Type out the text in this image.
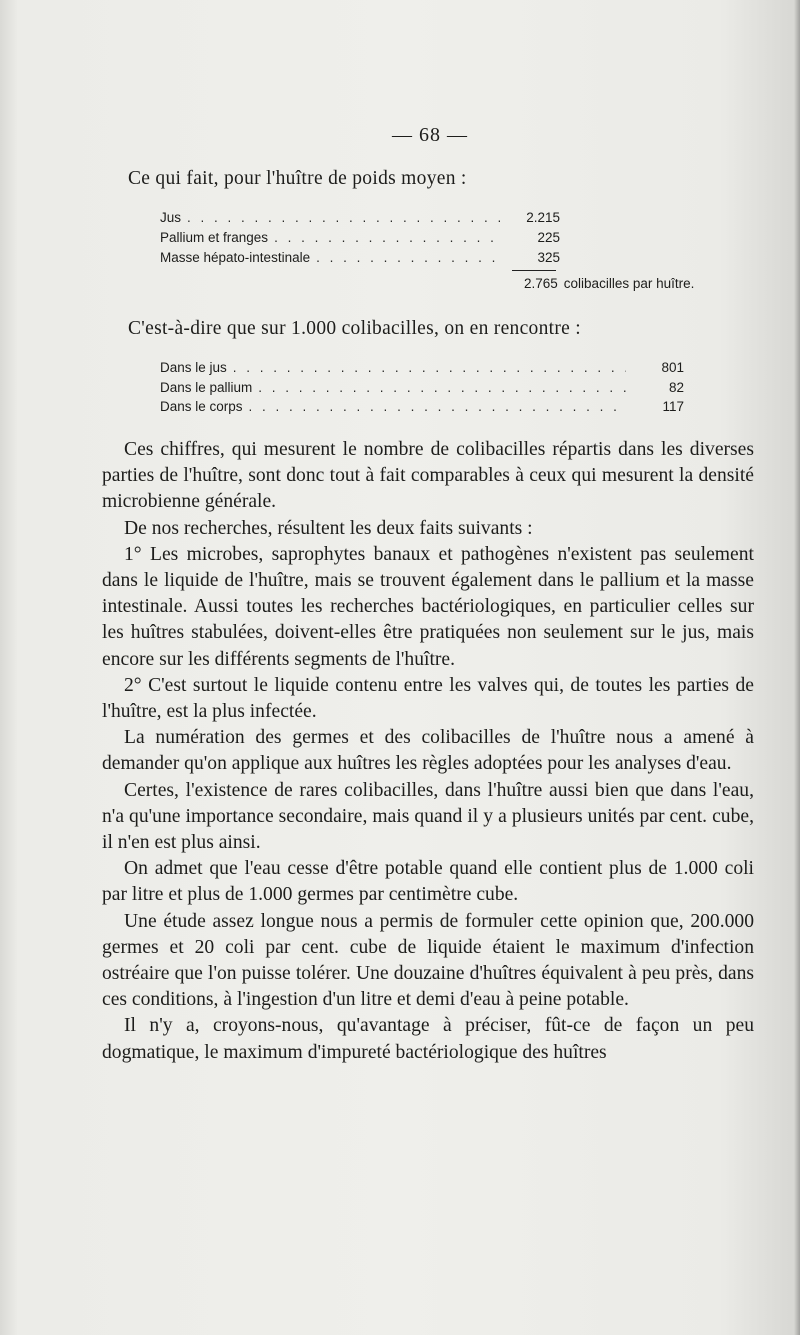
— 68 —
Ce qui fait, pour l'huître de poids moyen :
Jus . . .	2.215
Pallium et franges . . .	225
Masse hépato-intestinale . . .	325
2.765 colibacilles par huître.
C'est-à-dire que sur 1.000 colibacilles, on en rencontre :
Dans le jus . . .	801
Dans le pallium . . .	82
Dans le corps . . .	117

Ces chiffres, qui mesurent le nombre de colibacilles répartis dans les diverses parties de l'huître, sont donc tout à fait comparables à ceux qui mesurent la densité microbienne générale.

De nos recherches, résultent les deux faits suivants :

1° Les microbes, saprophytes banaux et pathogènes n'existent pas seulement dans le liquide de l'huître, mais se trouvent également dans le pallium et la masse intestinale. Aussi toutes les recherches bactériologiques, en particulier celles sur les huîtres stabulées, doivent-elles être pratiquées non seulement sur le jus, mais encore sur les différents segments de l'huître.

2° C'est surtout le liquide contenu entre les valves qui, de toutes les parties de l'huître, est la plus infectée.

La numération des germes et des colibacilles de l'huître nous a amené à demander qu'on applique aux huîtres les règles adoptées pour les analyses d'eau.

Certes, l'existence de rares colibacilles, dans l'huître aussi bien que dans l'eau, n'a qu'une importance secondaire, mais quand il y a plusieurs unités par cent. cube, il n'en est plus ainsi.

On admet que l'eau cesse d'être potable quand elle contient plus de 1.000 coli par litre et plus de 1.000 germes par centimètre cube.

Une étude assez longue nous a permis de formuler cette opinion que, 200.000 germes et 20 coli par cent. cube de liquide étaient le maximum d'infection ostréaire que l'on puisse tolérer. Une douzaine d'huîtres équivalent à peu près, dans ces conditions, à l'ingestion d'un litre et demi d'eau à peine potable.

Il n'y a, croyons-nous, qu'avantage à préciser, fût-ce de façon un peu dogmatique, le maximum d'impureté bactériologique des huîtres
